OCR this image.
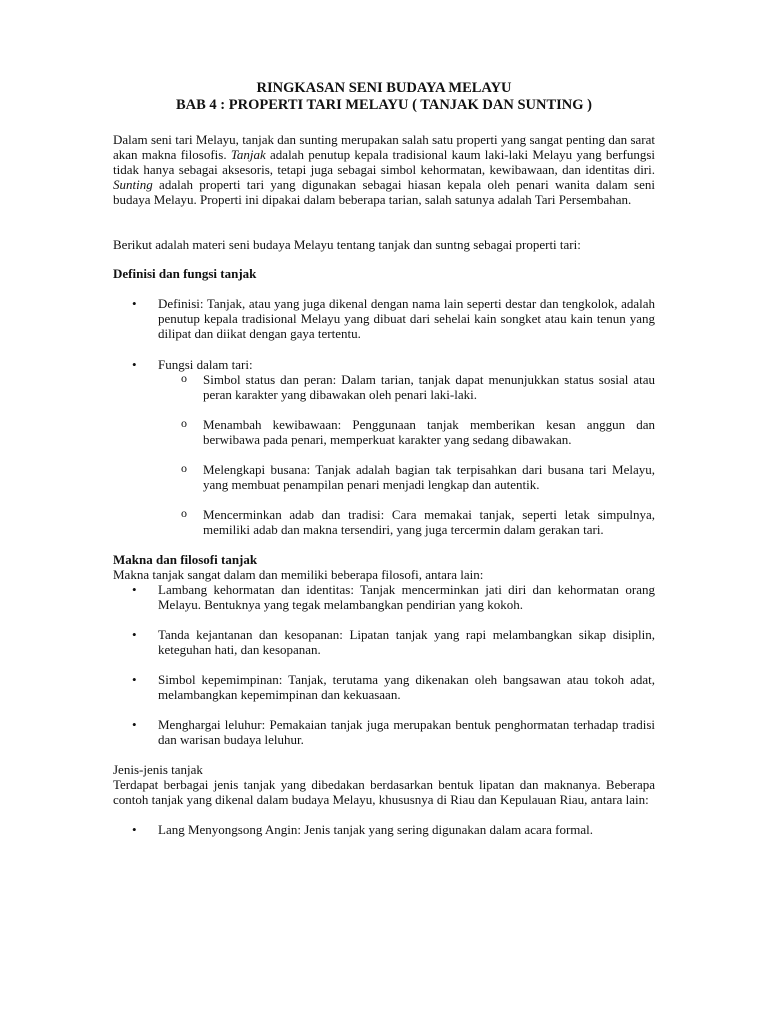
RINGKASAN SENI BUDAYA MELAYU

BAB 4 : PROPERTI TARI MELAYU ( TANJAK DAN SUNTING )

Dalam seni tari Melayu, tanjak dan sunting merupakan salah satu properti yang sangat penting dan sarat akan makna filosofis. Tanjak adalah penutup kepala tradisional kaum laki-laki Melayu yang berfungsi tidak hanya sebagai aksesoris, tetapi juga sebagai simbol kehormatan, kewibawaan, dan identitas diri. Sunting adalah properti tari yang digunakan sebagai hiasan kepala oleh penari wanita dalam seni budaya Melayu. Properti ini dipakai dalam beberapa tarian, salah satunya adalah Tari Persembahan.

Berikut adalah materi seni budaya Melayu tentang tanjak dan suntng sebagai properti tari:

Definisi dan fungsi tanjak

• Definisi: Tanjak, atau yang juga dikenal dengan nama lain seperti destar dan tengkolok, adalah penutup kepala tradisional Melayu yang dibuat dari sehelai kain songket atau kain tenun yang dilipat dan diikat dengan gaya tertentu.
• Fungsi dalam tari:
o Simbol status dan peran: Dalam tarian, tanjak dapat menunjukkan status sosial atau peran karakter yang dibawakan oleh penari laki-laki.
o Menambah kewibawaan: Penggunaan tanjak memberikan kesan anggun dan berwibawa pada penari, memperkuat karakter yang sedang dibawakan.
o Melengkapi busana: Tanjak adalah bagian tak terpisahkan dari busana tari Melayu, yang membuat penampilan penari menjadi lengkap dan autentik.
o Mencerminkan adab dan tradisi: Cara memakai tanjak, seperti letak simpulnya, memiliki adab dan makna tersendiri, yang juga tercermin dalam gerakan tari.

Makna dan filosofi tanjak

Makna tanjak sangat dalam dan memiliki beberapa filosofi, antara lain:

• Lambang kehormatan dan identitas: Tanjak mencerminkan jati diri dan kehormatan orang Melayu. Bentuknya yang tegak melambangkan pendirian yang kokoh.
• Tanda kejantanan dan kesopanan: Lipatan tanjak yang rapi melambangkan sikap disiplin, keteguhan hati, dan kesopanan.
• Simbol kepemimpinan: Tanjak, terutama yang dikenakan oleh bangsawan atau tokoh adat, melambangkan kepemimpinan dan kekuasaan.
• Menghargai leluhur: Pemakaian tanjak juga merupakan bentuk penghormatan terhadap tradisi dan warisan budaya leluhur.

Jenis-jenis tanjak

Terdapat berbagai jenis tanjak yang dibedakan berdasarkan bentuk lipatan dan maknanya. Beberapa contoh tanjak yang dikenal dalam budaya Melayu, khususnya di Riau dan Kepulauan Riau, antara lain:

• Lang Menyongsong Angin: Jenis tanjak yang sering digunakan dalam acara formal.
